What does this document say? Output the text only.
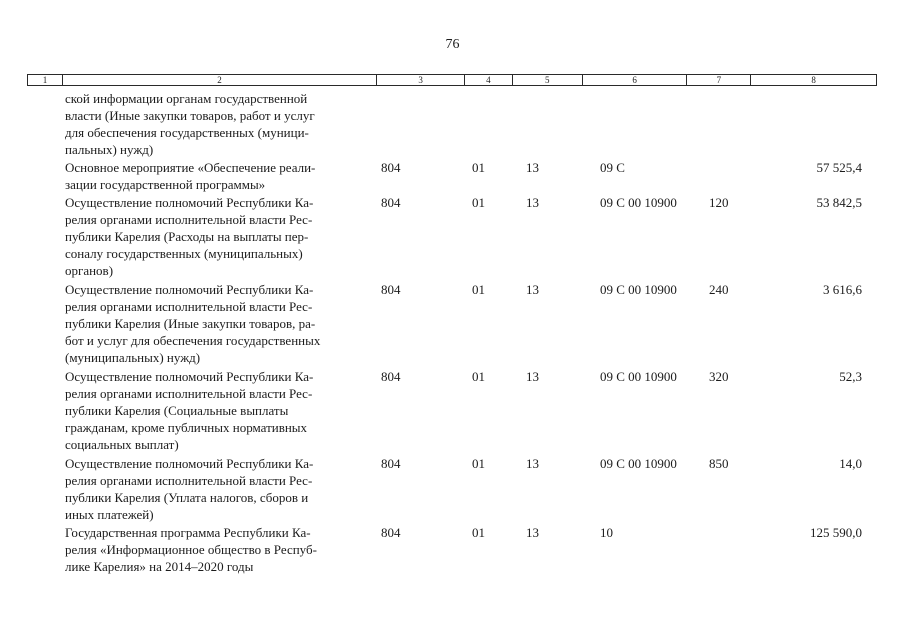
76
1	2	3	4	5	6	7	8
ской информации органам государственной
власти (Иные закупки товаров, работ и услуг
для обеспечения государственных (муници-
пальных) нужд)
Основное мероприятие «Обеспечение реали-
зации государственной программы»
804	01	13	09 С	57 525,4
Осуществление полномочий Республики Ка-
релия органами исполнительной власти Рес-
публики Карелия (Расходы на выплаты пер-
соналу государственных (муниципальных)
органов)
804	01	13	09 С 00 10900 120	53 842,5
Осуществление полномочий Республики Ка-
релия органами исполнительной власти Рес-
публики Карелия (Иные закупки товаров, ра-
бот и услуг для обеспечения государственных
(муниципальных) нужд)
804	01	13	09 С 00 10900 240	3 616,6
Осуществление полномочий Республики Ка-
релия органами исполнительной власти Рес-
публики Карелия (Социальные выплаты
гражданам, кроме публичных нормативных
социальных выплат)
804	01	13	09 С 00 10900 320	52,3
Осуществление полномочий Республики Ка-
релия органами исполнительной власти Рес-
публики Карелия (Уплата налогов, сборов и
иных платежей)
804	01	13	09 С 00 10900 850	14,0
Государственная программа Республики Ка-
релия «Информационное общество в Респуб-
лике Карелия» на 2014–2020 годы
804	01	13	10	125 590,0
